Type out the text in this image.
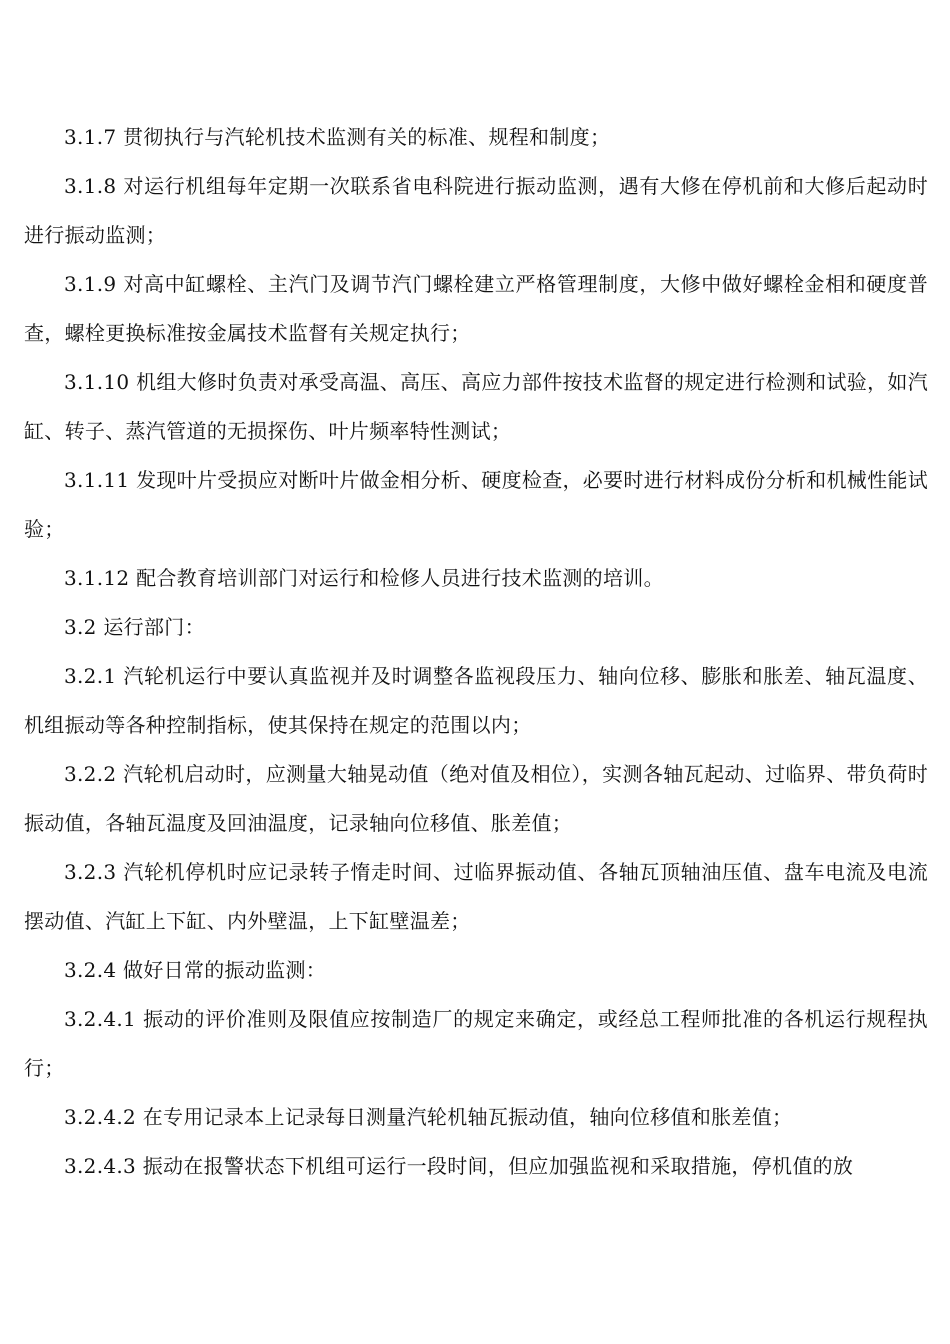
3.1.7 贯彻执行与汽轮机技术监测有关的标准、规程和制度；

3.1.8 对运行机组每年定期一次联系省电科院进行振动监测，遇有大修在停机前和大修后起动时进行振动监测；

3.1.9 对高中缸螺栓、主汽门及调节汽门螺栓建立严格管理制度，大修中做好螺栓金相和硬度普查，螺栓更换标准按金属技术监督有关规定执行；

3.1.10 机组大修时负责对承受高温、高压、高应力部件按技术监督的规定进行检测和试验，如汽缸、转子、蒸汽管道的无损探伤、叶片频率特性测试；

3.1.11 发现叶片受损应对断叶片做金相分析、硬度检查，必要时进行材料成份分析和机械性能试验；

3.1.12 配合教育培训部门对运行和检修人员进行技术监测的培训。

3.2 运行部门：

3.2.1 汽轮机运行中要认真监视并及时调整各监视段压力、轴向位移、膨胀和胀差、轴瓦温度、机组振动等各种控制指标，使其保持在规定的范围以内；

3.2.2 汽轮机启动时，应测量大轴晃动值（绝对值及相位），实测各轴瓦起动、过临界、带负荷时振动值，各轴瓦温度及回油温度，记录轴向位移值、胀差值；

3.2.3 汽轮机停机时应记录转子惰走时间、过临界振动值、各轴瓦顶轴油压值、盘车电流及电流摆动值、汽缸上下缸、内外壁温，上下缸壁温差；

3.2.4 做好日常的振动监测：

3.2.4.1 振动的评价准则及限值应按制造厂的规定来确定，或经总工程师批准的各机运行规程执行；

3.2.4.2 在专用记录本上记录每日测量汽轮机轴瓦振动值，轴向位移值和胀差值；

3.2.4.3 振动在报警状态下机组可运行一段时间，但应加强监视和采取措施，停机值的放
